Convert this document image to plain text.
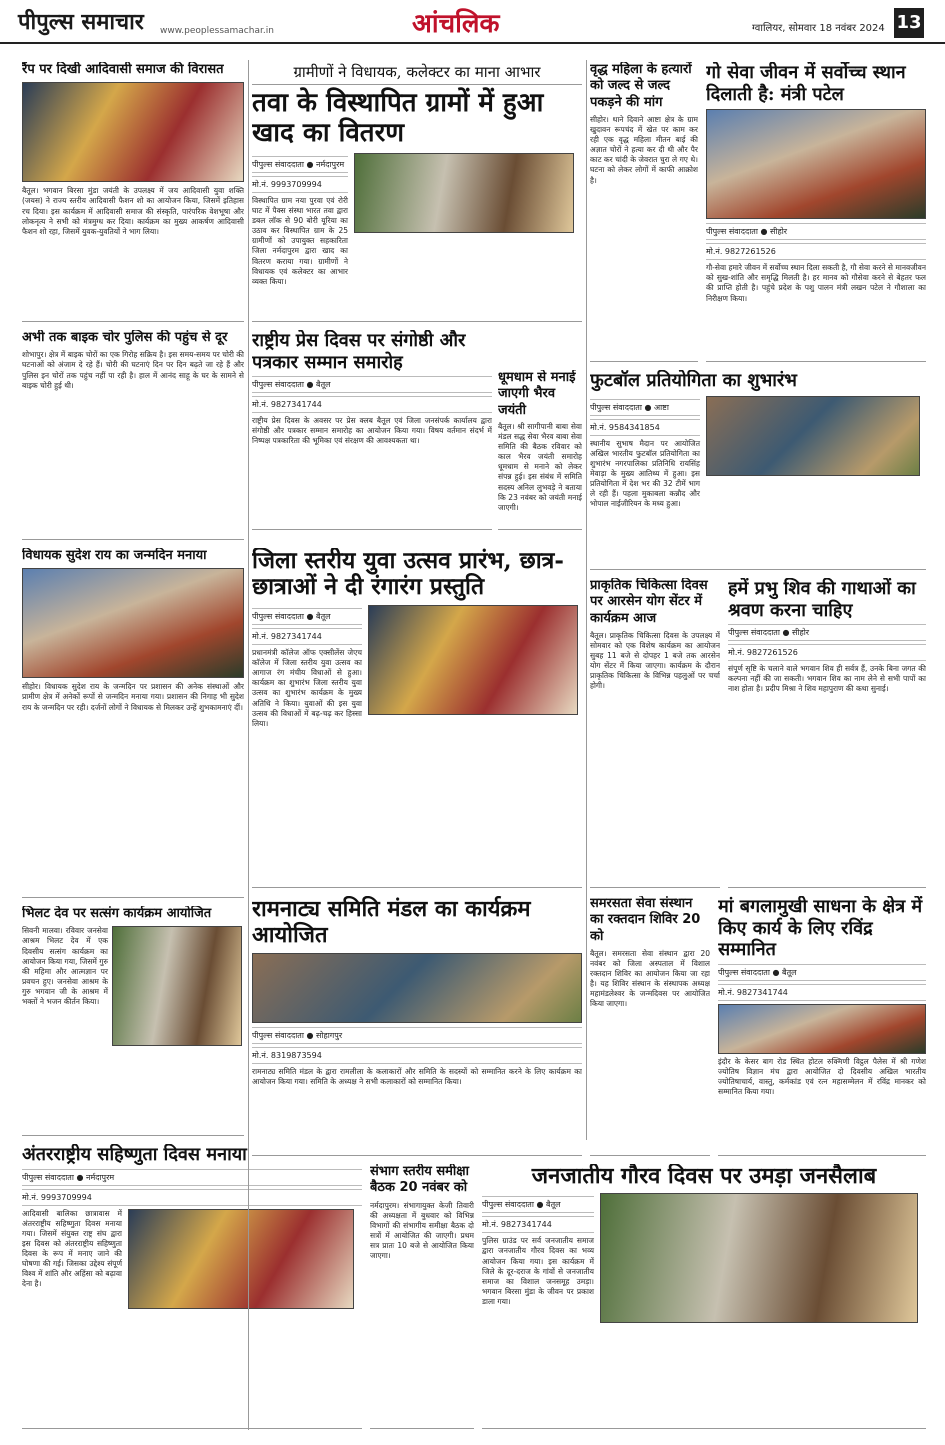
पीपुल्स समाचार www.peoplessamachar.in	आंचलिक	ग्वालियर, सोमवार 18 नवंबर 2024 13
रैंप पर दिखी आदिवासी समाज की विरासत
बैतूल। भगवान बिरसा मुंडा जयंती के उपलक्ष्य में जय आदिवासी युवा शक्ति (जयस) ने राज्य स्तरीय आदिवासी फैशन शो का आयोजन किया, जिसमें इतिहास रच दिया। इस कार्यक्रम में आदिवासी समाज की संस्कृति, पारंपरिक वेशभूषा और लोकनृत्य ने सभी को मंत्रमुग्ध कर दिया। कार्यक्रम का मुख्य आकर्षण आदिवासी फैशन शो रहा, जिसमें युवक-युवतियों ने भाग लिया।
ग्रामीणों ने विधायक, कलेक्टर का माना आभार
तवा के विस्थापित ग्रामों में हुआ खाद का वितरण
पीपुल्स संवाददाता ● नर्मदापुरम
मो.नं. 9993709994
विस्थापित ग्राम नया पुरवा एवं रोरी घाट में पैक्स संस्था भारत तवा द्वारा डबल लॉक से 90 बोरी यूरिया का उठाव कर विस्थापित ग्राम के 25 ग्रामीणों को उपायुक्त सहकारिता जिला नर्मदापुरम द्वारा खाद का वितरण कराया गया। ग्रामीणों ने विधायक एवं कलेक्टर का आभार व्यक्त किया।
वृद्ध महिला के हत्यारों को जल्द से जल्द पकड़ने की मांग
सीहोर। थाने दिवाने आष्टा क्षेत्र के ग्राम खुदावन रूपचंद में खेत पर काम कर रही एक वृद्ध महिला मीतन बाई की अज्ञात चोरों ने हत्या कर दी थी और पैर काट कर चांदी के जेवरात चुरा ले गए थे। घटना को लेकर लोगों में काफी आक्रोश है।
गो सेवा जीवन में सर्वोच्च स्थान दिलाती है: मंत्री पटेल
पीपुल्स संवाददाता ● सीहोर
मो.नं. 9827261526
गौ-सेवा हमारे जीवन में सर्वोच्च स्थान दिला सकती है, गौ सेवा करने से मानवजीवन को सुख-शांति और समृद्धि मिलती है। हर मानव को गौसेवा करने से बेहतर फल की प्राप्ति होती है। पहुंचे प्रदेश के पशु पालन मंत्री लखन पटेल ने गौशाला का निरीक्षण किया।
अभी तक बाइक चोर पुलिस की पहुंच से दूर
शोभापुर। क्षेत्र में बाइक चोरों का एक गिरोह सक्रिय है। इस समय-समय पर चोरी की घटनाओं को अंजाम दे रहे हैं। चोरी की घटनाएं दिन पर दिन बढ़ते जा रहे हैं और पुलिस इन चोरों तक पहुंच नहीं पा रही है। हाल में आनंद साहू के घर के सामने से बाइक चोरी हुई थी।
राष्ट्रीय प्रेस दिवस पर संगोष्ठी और पत्रकार सम्मान समारोह
पीपुल्स संवाददाता ● बैतूल
मो.नं. 9827341744
राष्ट्रीय प्रेस दिवस के अवसर पर प्रेस क्लब बैतूल एवं जिला जनसंपर्क कार्यालय द्वारा संगोष्ठी और पत्रकार सम्मान समारोह का आयोजन किया गया। विषय वर्तमान संदर्भ में निष्पक्ष पत्रकारिता की भूमिका एवं संरक्षण की आवश्यकता था।
धूमधाम से मनाई जाएगी भैरव जयंती
बैतूल। श्री सागीपानी बाबा सेवा मंडल सद्ध सेवा भैरव बाबा सेवा समिति की बैठक रविवार को काल भैरव जयंती समारोह धूमधाम से मनाने को लेकर संपन्न हुई। इस संबंध में समिति सदस्य अनिल लुभवड़े ने बताया कि 23 नवंबर को जयंती मनाई जाएगी।
फुटबॉल प्रतियोगिता का शुभारंभ
पीपुल्स संवाददाता ● आष्टा
मो.नं. 9584341854
स्थानीय सुभाष मैदान पर आयोजित अखिल भारतीय फुटबॉल प्रतियोगिता का शुभारंभ नगरपालिका प्रतिनिधि रायसिंह मेवाड़ा के मुख्य आतिथ्य में हुआ। इस प्रतियोगिता में देश भर की 32 टीमें भाग ले रही हैं। पहला मुकाबला कन्नौद और भोपाल नाईजीरियन के मध्य हुआ।
विधायक सुदेश राय का जन्मदिन मनाया
सीहोर। विधायक सुदेश राय के जन्मदिन पर प्रशासन की अनेक संस्थाओं और प्रामीण क्षेत्र में अनेकों रूपों से जन्मदिन मनाया गया। प्रशासन की निगाह भी सुदेश राय के जन्मदिन पर रही। दर्जनों लोगों ने विधायक से मिलकर उन्हें शुभकामनाएं दीं।
जिला स्तरीय युवा उत्सव प्रारंभ, छात्र-छात्राओं ने दी रंगारंग प्रस्तुति
पीपुल्स संवाददाता ● बैतूल
मो.नं. 9827341744
प्रधानमंत्री कॉलेज ऑफ एक्सीलेंस जेएच कॉलेज में जिला स्तरीय युवा उत्सव का आगाज रंग मंचीय विधाओं से हुआ। कार्यक्रम का शुभारंभ जिला स्तरीय युवा उत्सव का शुभारंभ कार्यक्रम के मुख्य अतिथि ने किया। युवाओं की इस युवा उत्सव की विधाओं में बढ़-चढ़ कर हिस्सा लिया।
प्राकृतिक चिकित्सा दिवस पर आरसेन योग सेंटर में कार्यक्रम आज
बैतूल। प्राकृतिक चिकित्सा दिवस के उपलक्ष्य में सोमवार को एक विशेष कार्यक्रम का आयोजन सुबह 11 बजे से दोपहर 1 बजे तक आरसेन योग सेंटर में किया जाएगा। कार्यक्रम के दौरान प्राकृतिक चिकित्सा के विभिन्न पहलुओं पर चर्चा होगी।
हमें प्रभु शिव की गाथाओं का श्रवण करना चाहिए
पीपुल्स संवाददाता ● सीहोर
मो.नं. 9827261526
संपूर्ण सृष्टि के चलाने वाले भगवान शिव ही सर्वत्र हैं, उनके बिना जगत की कल्पना नहीं की जा सकती। भगवान शिव का नाम लेने से सभी पापों का नाश होता है। प्रदीप मिश्रा ने शिव महापुराण की कथा सुनाई।
भिलट देव पर सत्संग कार्यक्रम आयोजित
सिवनी मालवा। रविवार जनसेवा आश्रम भिलट देव में एक दिवसीय सत्संग कार्यक्रम का आयोजन किया गया, जिसमें गुरु की महिमा और आत्मज्ञान पर प्रवचन हुए। जनसेवा आश्रम के गुरु भगवान जी के आश्रम में भक्तों ने भजन कीर्तन किया।
रामनाट्य समिति मंडल का कार्यक्रम आयोजित
पीपुल्स संवाददाता ● सोहागपुर
मो.नं. 8319873594
रामनाट्य समिति मंडल के द्वारा रामलीला के कलाकारों और समिति के सदस्यों को सम्मानित करने के लिए कार्यक्रम का आयोजन किया गया। समिति के अध्यक्ष ने सभी कलाकारों को सम्मानित किया।
समरसता सेवा संस्थान का रक्तदान शिविर 20 को
बैतूल। समरसता सेवा संस्थान द्वारा 20 नवंबर को जिला अस्पताल में विशाल रक्तदान शिविर का आयोजन किया जा रहा है। यह शिविर संस्थान के संस्थापक अध्यक्ष महामंडलेश्वर के जन्मदिवस पर आयोजित किया जाएगा।
मां बगलामुखी साधना के क्षेत्र में किए कार्य के लिए रविंद्र सम्मानित
पीपुल्स संवाददाता ● बैतूल
मो.नं. 9827341744
इंदौर के केसर बाग रोड स्थित होटल रुक्मिणी विट्ठल पैलेस में श्री गणेश ज्योतिष विज्ञान मंच द्वारा आयोजित दो दिवसीय अखिल भारतीय ज्योतिषाचार्य, वास्तु, कर्मकांड एवं रत्न महासम्मेलन में रविंद्र मानकर को सम्मानित किया गया।
अंतरराष्ट्रीय सहिष्णुता दिवस मनाया
पीपुल्स संवाददाता ● नर्मदापुरम
मो.नं. 9993709994
आदिवासी बालिका छात्रावास में अंतरराष्ट्रीय सहिष्णुता दिवस मनाया गया। जिसमें संयुक्त राष्ट्र संघ द्वारा इस दिवस को अंतरराष्ट्रीय सहिष्णुता दिवस के रूप में मनाए जाने की घोषणा की गई। जिसका उद्देश्य संपूर्ण विश्व में शांति और अहिंसा को बढ़ावा देना है।
संभाग स्तरीय समीक्षा बैठक 20 नवंबर को
नर्मदापुरम। संभागायुक्त केजी तिवारी की अध्यक्षता में बुधवार को विभिन्न विभागों की संभागीय समीक्षा बैठक दो सत्रों में आयोजित की जाएगी। प्रथम सत्र प्रातः 10 बजे से आयोजित किया जाएगा।
जनजातीय गौरव दिवस पर उमड़ा जनसैलाब
पीपुल्स संवाददाता ● बैतूल
मो.नं. 9827341744
पुलिस ग्राउंड पर सर्व जनजातीय समाज द्वारा जनजातीय गौरव दिवस का भव्य आयोजन किया गया। इस कार्यक्रम में जिले के दूर-दराज के गांवों से जनजातीय समाज का विशाल जनसमूह उमड़ा। भगवान बिरसा मुंडा के जीवन पर प्रकाश डाला गया।
